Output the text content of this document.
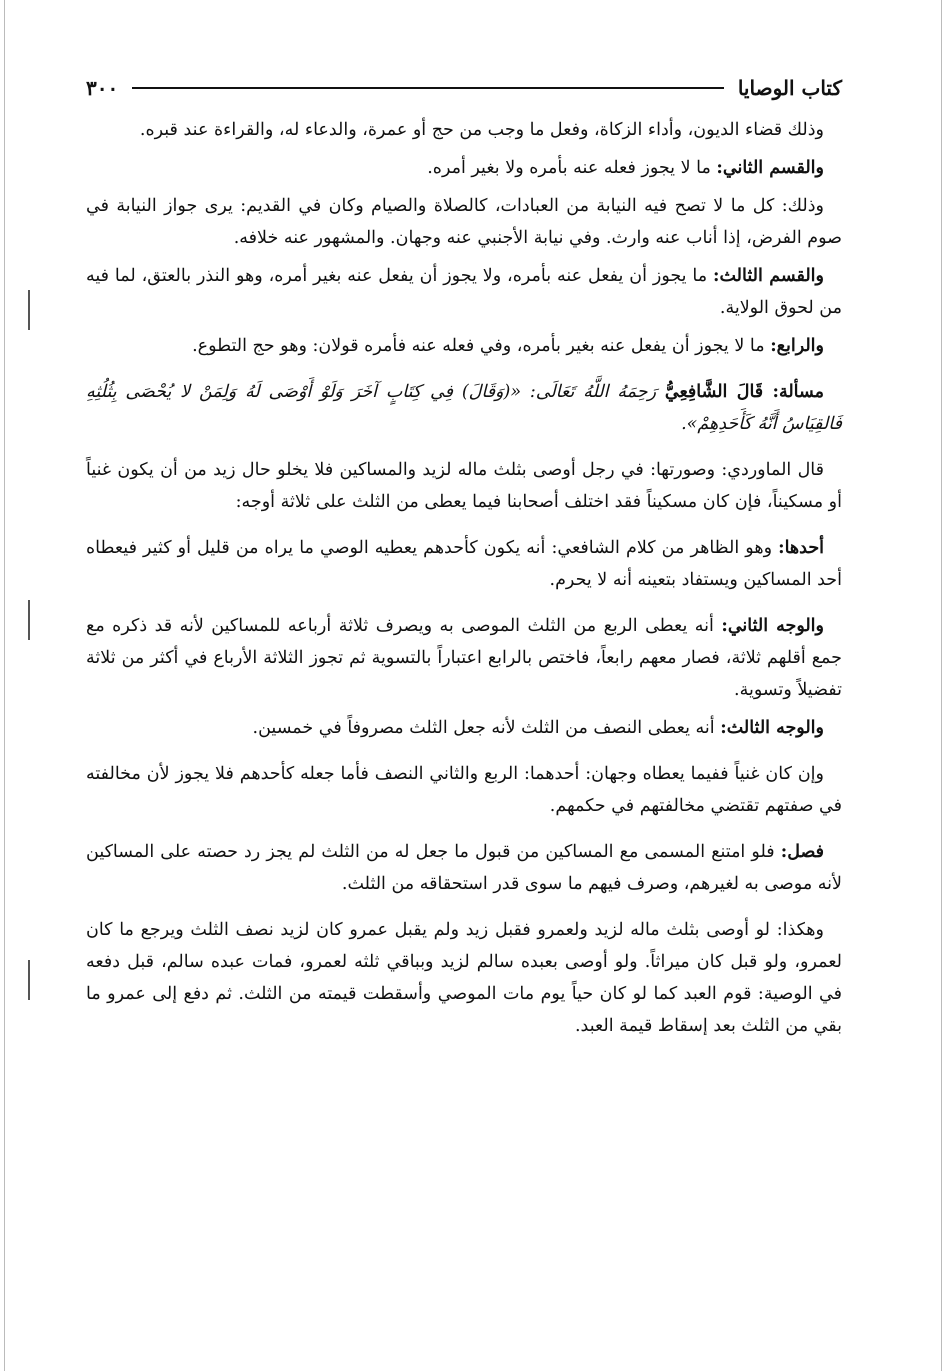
كتاب الوصايا
٣٠٠

وذلك قضاء الديون، وأداء الزكاة، وفعل ما وجب من حج أو عمرة، والدعاء له، والقراءة عند قبره.

والقسم الثاني: ما لا يجوز فعله عنه بأمره ولا بغير أمره.

وذلك: كل ما لا تصح فيه النيابة من العبادات، كالصلاة والصيام وكان في القديم: يرى جواز النيابة في صوم الفرض، إذا أناب عنه وارث. وفي نيابة الأجنبي عنه وجهان. والمشهور عنه خلافه.

والقسم الثالث: ما يجوز أن يفعل عنه بأمره، ولا يجوز أن يفعل عنه بغير أمره، وهو النذر بالعتق، لما فيه من لحوق الولاية.

والرابع: ما لا يجوز أن يفعل عنه بغير بأمره، وفي فعله عنه فأمره قولان: وهو حج التطوع.

مسألة: قَالَ الشَّافِعِيُّ رَحِمَهُ اللَّهُ تَعَالَى: «(وَقَالَ) فِي كِتَابٍ آخَرَ وَلَوْ أَوْصَى لَهُ وَلِمَنْ لا يُحْصَى بِثُلُثِهِ فَالقِيَاسُ أَنَّهُ كَأَحَدِهِمْ».

قال الماوردي: وصورتها: في رجل أوصى بثلث ماله لزيد والمساكين فلا يخلو حال زيد من أن يكون غنياً أو مسكيناً، فإن كان مسكيناً فقد اختلف أصحابنا فيما يعطى من الثلث على ثلاثة أوجه:

أحدها: وهو الظاهر من كلام الشافعي: أنه يكون كأحدهم يعطيه الوصي ما يراه من قليل أو كثير فيعطاه أحد المساكين ويستفاد بتعينه أنه لا يحرم.

والوجه الثاني: أنه يعطى الربع من الثلث الموصى به ويصرف ثلاثة أرباعه للمساكين لأنه قد ذكره مع جمع أقلهم ثلاثة، فصار معهم رابعاً، فاختص بالرابع اعتباراً بالتسوية ثم تجوز الثلاثة الأرباع في أكثر من ثلاثة تفضيلاً وتسوية.

والوجه الثالث: أنه يعطى النصف من الثلث لأنه جعل الثلث مصروفاً في خمسين.

وإن كان غنياً ففيما يعطاه وجهان: أحدهما: الربع والثاني النصف فأما جعله كأحدهم فلا يجوز لأن مخالفته في صفتهم تقتضي مخالفتهم في حكمهم.

فصل: فلو امتنع المسمى مع المساكين من قبول ما جعل له من الثلث لم يجز رد حصته على المساكين لأنه موصى به لغيرهم، وصرف فيهم ما سوى قدر استحقاقه من الثلث.

وهكذا: لو أوصى بثلث ماله لزيد ولعمرو فقبل زيد ولم يقبل عمرو كان لزيد نصف الثلث ويرجع ما كان لعمرو، ولو قبل كان ميراثاً. ولو أوصى بعبده سالم لزيد وبباقي ثلثه لعمرو، فمات عبده سالم، قبل دفعه في الوصية: قوم العبد كما لو كان حياً يوم مات الموصي وأسقطت قيمته من الثلث. ثم دفع إلى عمرو ما بقي من الثلث بعد إسقاط قيمة العبد.
